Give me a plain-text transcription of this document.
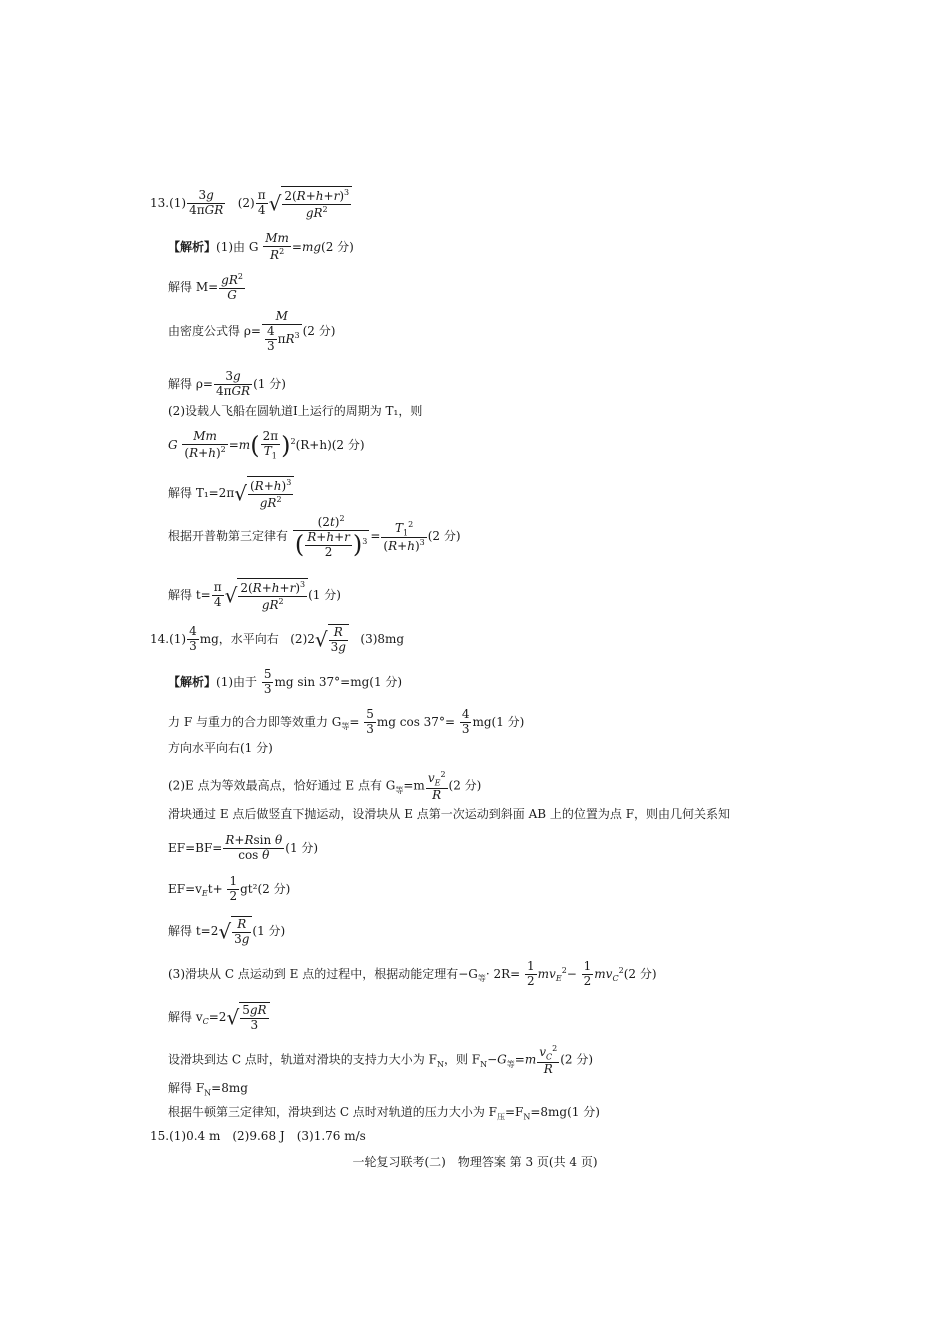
$13.(1) \frac{3g}{\text{4πGR}} (2) \frac{\pi}{4}$ √ $\frac{2(R+h+r)^3}{gR^2}$
【解析】(1)由 G $\frac{Mm}{R^2} =mg(2$ 分)
解得 $M= \frac{gR^2}{G}$
由密度公式得 $\rho= \frac{M}{\frac{4}{3} \pi R^3} (2$ 分)
解得 $\rho= \frac{3g}{\text{4πGR}} (1$ 分)
(2)设载人飞船在圆轨道Ⅰ上运行的周期为 T₁，则
G $\frac{Mm}{(R+h)^2} =m( \frac{2\pi}{T_1} )^2(R+h)(2$ 分)
解得 $T_1=2\pi√ \frac{(R+h)^3}{gR^2}$
根据开普勒第三定律有 $\frac{(2t)^2}{( \frac{R+h+r}{2} )^3} = \frac{T_1^2}{(R+h)^3} (2$ 分)
解得 $t= \frac{\pi}{4}$ √ $\frac{2(R+h+r)^3}{gR^2} (1$ 分)
$14.(1) \frac{4}{3}$ mg，水平向右 $(2)2√ \frac{R}{3g} (3)8mg$
【解析】(1)由于 $\frac{5}{3}$ mg sin 37°=mg(1 分)
力 F 与重力的合力即等效重力 $G_等= \frac{5}{3}$ mg $\cos 37^\circ= \frac{4}{3} mg(1$ 分)
方向水平向右(1 分)
(2)E 点为等效最高点，恰好通过 E 点有 $G_等=m \frac{v_E^2}{R} (2$ 分)
滑块通过 E 点后做竖直下抛运动，设滑块从 E 点第一次运动到斜面 AB 上的位置为点 F，则由几何关系知
$EF=BF= \frac{\text{R+Rsin θ}}{\text{cos θ}} (1$ 分)
$EF=v_Et+ \frac{1}{2} gt^2(2$ 分)
解得 $t=2√ \frac{R}{3g} (1$ 分)
(3)滑块从 C 点运动到 E 点的过程中，根据动能定理有$-G_等\cdot 2R= \frac{1}{2} mv_E^2- \frac{1}{2} mv_C^2(2$ 分)
解得 $v_C=2√ \frac{5gR}{3}$
设滑块到达 C 点时，轨道对滑块的支持力大小为 $F_N$，则 $F_N-G_等=m \frac{v_C^2}{R} (2$ 分)
解得 $F_N=8mg$
根据牛顿第三定律知，滑块到达 C 点时对轨道的压力大小为 $F_压=F_N=8mg(1$ 分)
15.(1)0.4 m　(2)9.68 J　(3)1.76 m/s
一轮复习联考(二)　物理答案 第 3 页(共 4 页)
